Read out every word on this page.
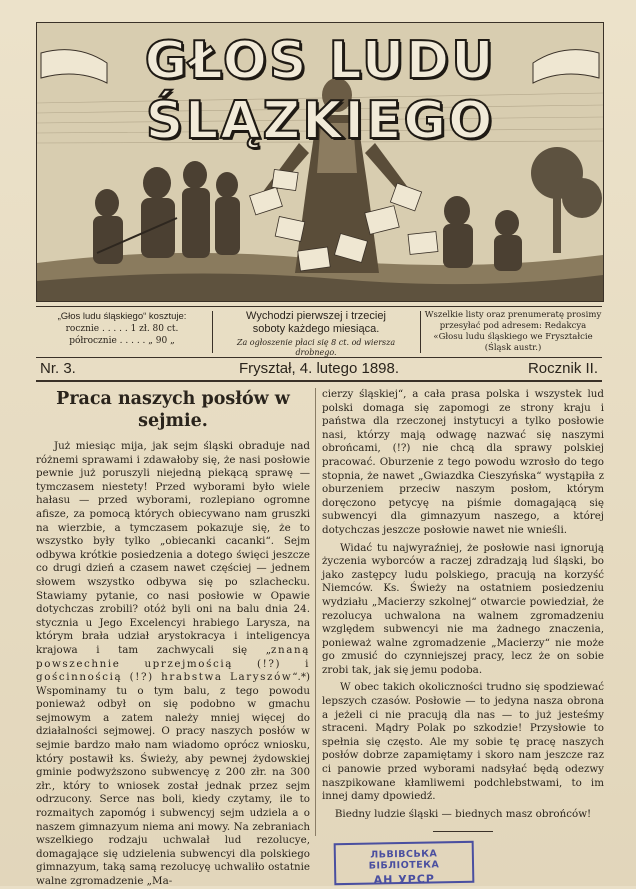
GŁOS LUDU ŚLĄZKIEGO
„Głos ludu śląskiego“ kosztuje:
rocznie . . . . . 1 zł. 80 ct.
półrocznie . . . . . „ 90 „
Wychodzi pierwszej i trzeciej
soboty każdego miesiąca.
Za ogłoszenie płaci się 8 ct. od wiersza drobnego.
Wszelkie listy oraz prenumeratę prosimy przesyłać pod adresem: Redakcya «Głosu ludu śląskiego we Fryształcie (Śląsk austr.)
Nr. 3.	Fryształ, 4. lutego 1898.	Rocznik II.
Praca naszych posłów w sejmie.

Już miesiąc mija, jak sejm śląski obraduje nad różnemi sprawami i zdawałoby się, że nasi posłowie pewnie już poruszyli niejedną piekącą sprawę — tymczasem niestety! Przed wyborami było wiele hałasu — przed wyborami, rozlepiano ogromne afisze, za pomocą których obiecywano nam gruszki na wierzbie, a tymczasem pokazuje się, że to wszystko były tylko „obiecanki cacanki“. Sejm odbywa krótkie posiedzenia a dotego święci jeszcze co drugi dzień a czasem nawet częściej — jednem słowem wszystko odbywa się po szlachecku. Stawiamy pytanie, co nasi posłowie w Opawie dotychczas zrobili? otóż byli oni na balu dnia 24. stycznia u Jego Excelencyi hrabiego Larysza, na którym brała udział arystokracya i inteligencya krajowa i tam zachwycali się „znaną powszechnie uprzejmością (!?) i gościnnością (!?) hrabstwa Laryszów“.*) Wspominamy tu o tym balu, z tego powodu ponieważ odbył on się podobno w gmachu sejmowym a zatem należy mniej więcej do działalności sejmowej. O pracy naszych posłów w sejmie bardzo mało nam wiadomo oprócz wniosku, który postawił ks. Świeży, aby pewnej żydowskiej gminie podwyższono subwencyę z 200 złr. na 300 złr., który to wniosek został jednak przez sejm odrzucony. Serce nas boli, kiedy czytamy, ile to rozmaitych zapomóg i subwencyj sejm udziela a o naszem gimnazyum niema ani mowy. Na zebraniach wszelkiego rodzaju uchwalał lud rezolucye, domagające się udzielenia subwencyi dla polskiego gimnazyum, taką samą rezolucyę uchwaliło ostatnie walne zgromadzenie „Ma-

cierzy śląskiej“, a cała prasa polska i wszystek lud polski domaga się zapomogi ze strony kraju i państwa dla rzeczonej instytucyi a tylko posłowie nasi, którzy mają odwagę nazwać się naszymi obrońcami, (!?) nie chcą dla sprawy polskiej pracować. Oburzenie z tego powodu wzrosło do tego stopnia, że nawet „Gwiazdka Cieszyńska“ wystąpiła z oburzeniem przeciw naszym posłom, którym doręczono petycyę na piśmie domagającą się subwencyi dla gimnazyum naszego, a której dotychczas jeszcze posłowie nawet nie wnieśli.

Widać tu najwyraźniej, że posłowie nasi ignorują życzenia wyborców a raczej zdradzają lud śląski, bo jako zastępcy ludu polskiego, pracują na korzyść Niemców. Ks. Świeży na ostatniem posiedzeniu wydziału „Macierzy szkolnej“ otwarcie powiedział, że rezolucya uchwalona na walnem zgromadzeniu względem subwencyi nie ma żadnego znaczenia, ponieważ walne zgromadzenie „Macierzy“ nie może go zmusić do czynniejszej pracy, lecz że on sobie zrobi tak, jak się jemu podoba.

W obec takich okoliczności trudno się spodziewać lepszych czasów. Posłowie — to jedyna nasza obrona a jeżeli ci nie pracują dla nas — to już jesteśmy straceni. Mądry Polak po szkodzie! Przysłowie to spełnia się często. Ale my sobie tę pracę naszych posłów dobrze zapamiętamy i skoro nam jeszcze raz ci panowie przed wyborami nadsyłać będą odezwy naszpikowane kłamliwemi podchlebstwami, to im innej damy dpowiedź.

Biedny ludzie śląski — biednych masz obrońców!

ЛЬВІВСЬКА БІБЛІОТЕКА
АН УРСР
